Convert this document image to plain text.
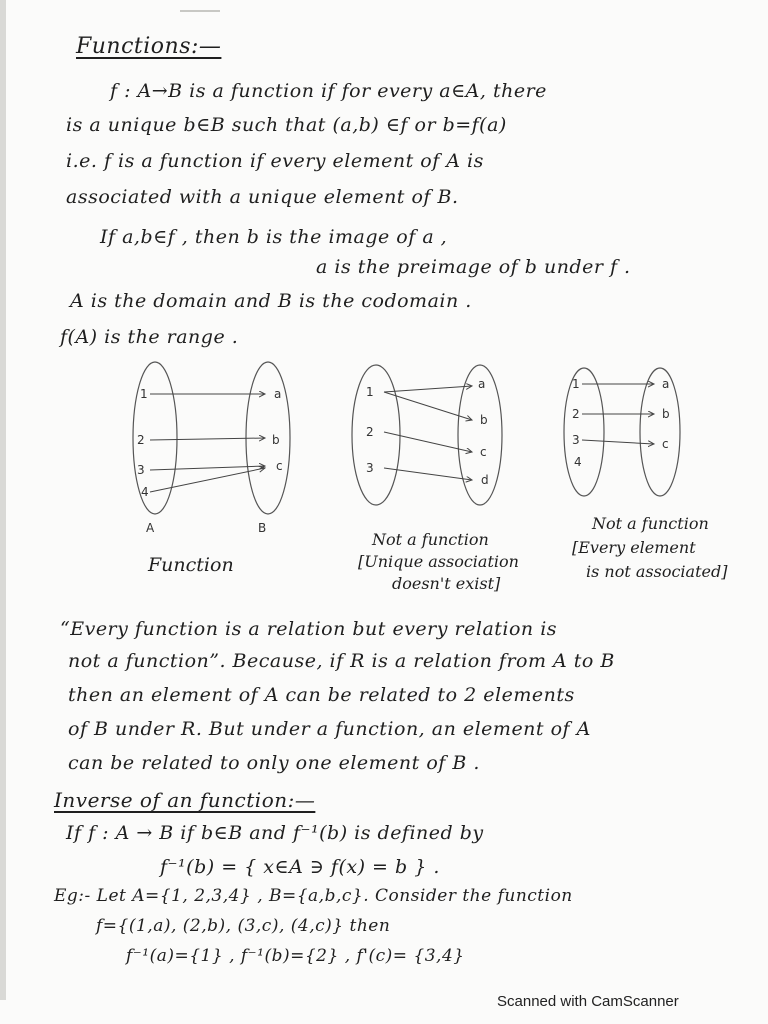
Functions:—
f : A→B is a function if for every a∈A, there
is a unique b∈B such that (a,b) ∈f or b=f(a)
i.e. f is a function if every element of A is
associated with a unique element of B.
If a,b∈f , then b is the image of a ,
a is the preimage of b under f .
A is the domain and B is the codomain .
f(A) is the range .
1
2
3
4
a
b
c
A	B
1
2
3
a
b
c
d
1
2
3
4
a
b
c
Function
Not a function
[Unique association
doesn't exist]
Not a function
[Every element
is not associated]
“Every function is a relation but every relation is
not a function”. Because, if R is a relation from A to B
then an element of A can be related to 2 elements
of B under R. But under a function, an element of A
can be related to only one element of B .
Inverse of an function:—
If f : A → B if b∈B and f⁻¹(b) is defined by
f⁻¹(b) = { x∈A ∋ f(x) = b } .
Eg:- Let A={1, 2,3,4} , B={a,b,c}. Consider the function
f={(1,a), (2,b), (3,c), (4,c)} then
f⁻¹(a)={1} , f⁻¹(b)={2} , f'(c)= {3,4}
Scanned with CamScanner
